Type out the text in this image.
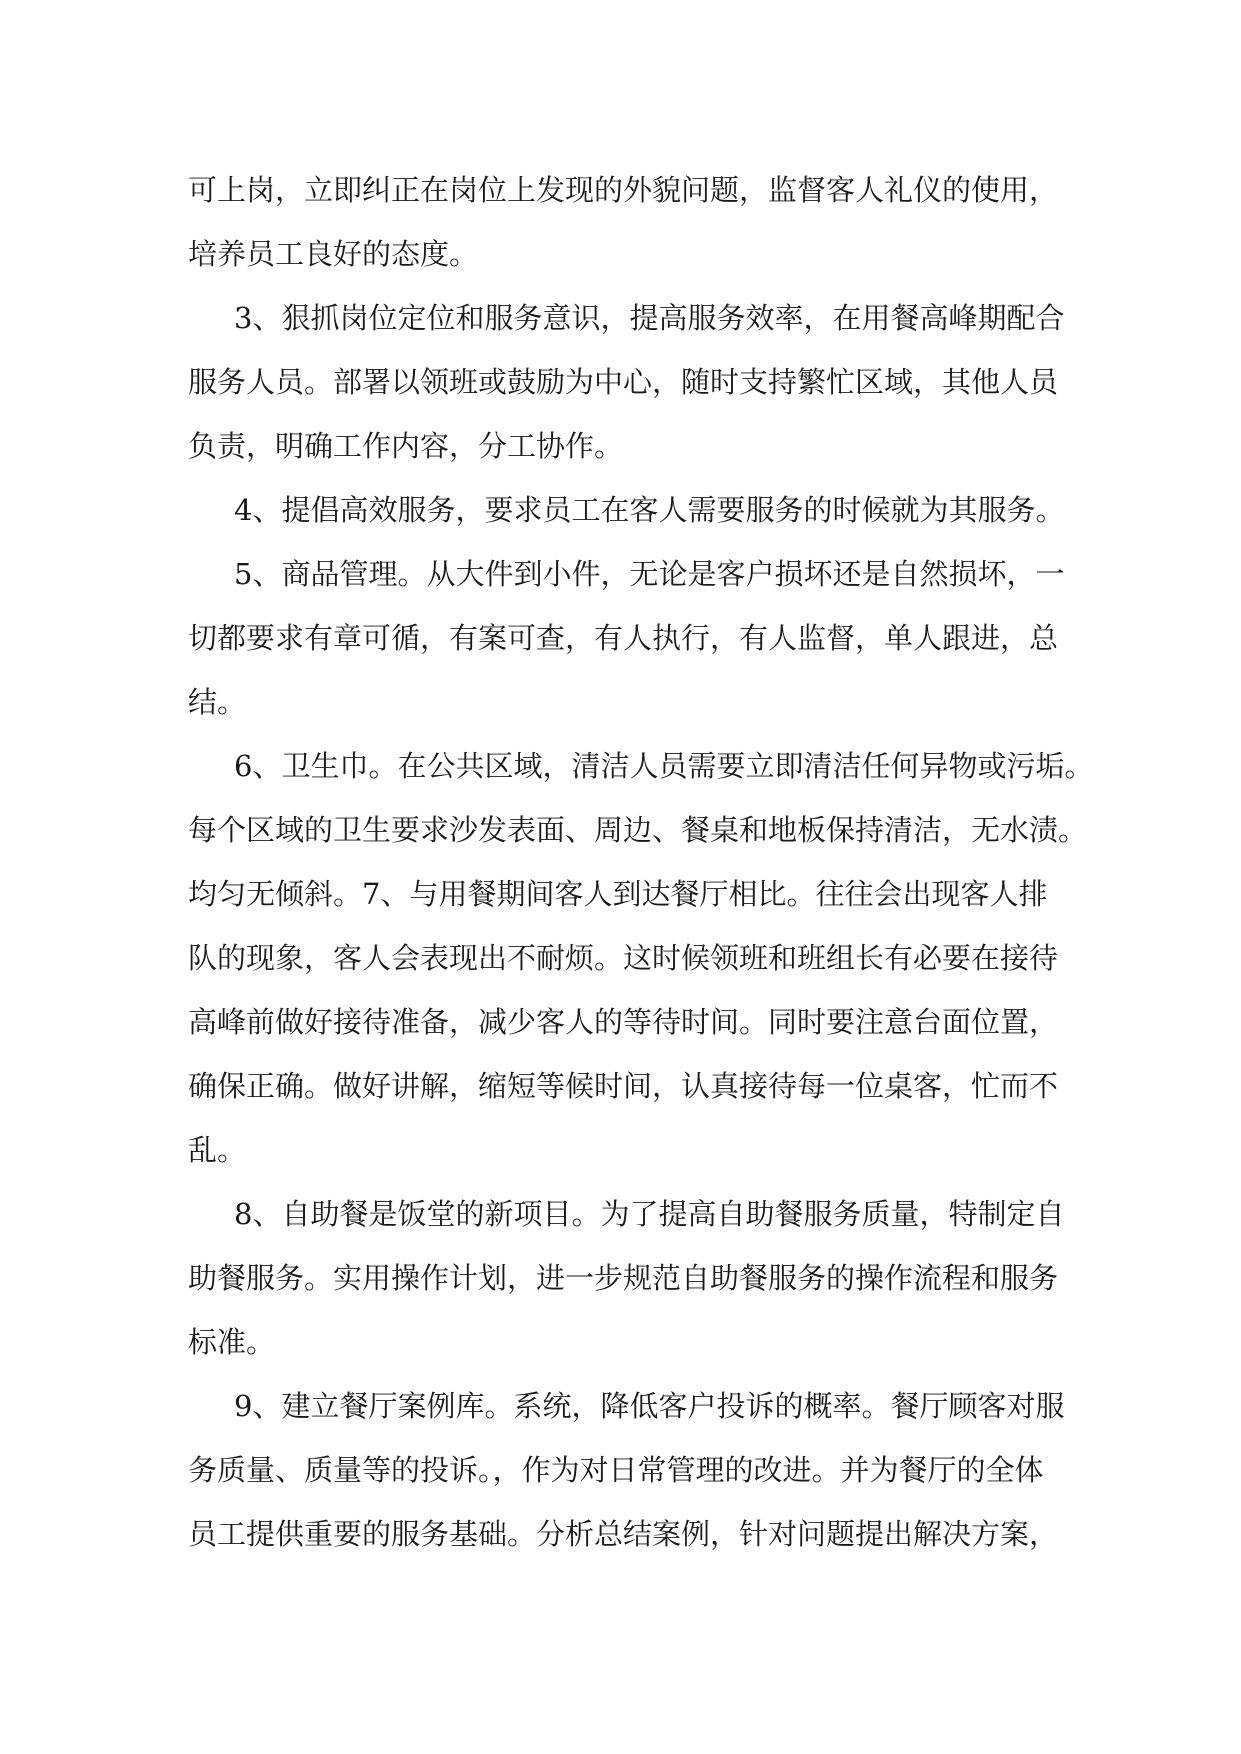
可上岗，立即纠正在岗位上发现的外貌问题，监督客人礼仪的使用，
培养员工良好的态度。
3、狠抓岗位定位和服务意识，提高服务效率，在用餐高峰期配合
服务人员。部署以领班或鼓励为中心，随时支持繁忙区域，其他人员
负责，明确工作内容，分工协作。
4、提倡高效服务，要求员工在客人需要服务的时候就为其服务。
5、商品管理。从大件到小件，无论是客户损坏还是自然损坏，一
切都要求有章可循，有案可查，有人执行，有人监督，单人跟进，总
结。
6、卫生巾。在公共区域，清洁人员需要立即清洁任何异物或污垢。
每个区域的卫生要求沙发表面、周边、餐桌和地板保持清洁，无水渍。
均匀无倾斜。7、与用餐期间客人到达餐厅相比。往往会出现客人排
队的现象，客人会表现出不耐烦。这时候领班和班组长有必要在接待
高峰前做好接待准备，减少客人的等待时间。同时要注意台面位置，
确保正确。做好讲解，缩短等候时间，认真接待每一位桌客，忙而不
乱。
8、自助餐是饭堂的新项目。为了提高自助餐服务质量，特制定自
助餐服务。实用操作计划，进一步规范自助餐服务的操作流程和服务
标准。
9、建立餐厅案例库。系统，降低客户投诉的概率。餐厅顾客对服
务质量、质量等的投诉。，作为对日常管理的改进。并为餐厅的全体
员工提供重要的服务基础。分析总结案例，针对问题提出解决方案，
